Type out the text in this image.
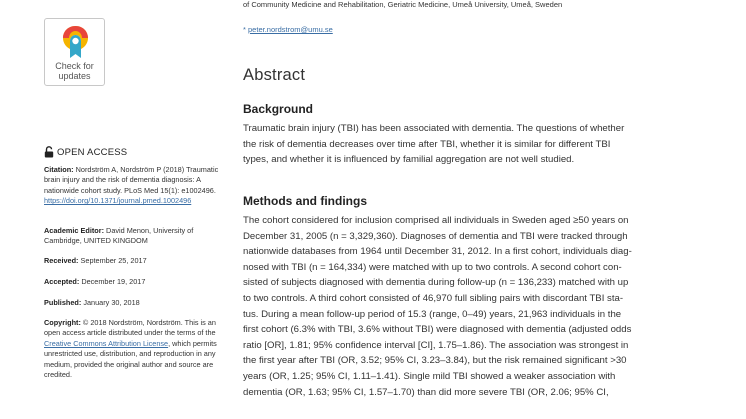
Check for
updates
OPEN ACCESS
Citation: Nordström A, Nordström P (2018) Traumatic brain injury and the risk of dementia diagnosis: A nationwide cohort study. PLoS Med 15(1): e1002496. https://doi.org/10.1371/journal.pmed.1002496
Academic Editor: David Menon, University of Cambridge, UNITED KINGDOM
Received: September 25, 2017
Accepted: December 19, 2017
Published: January 30, 2018
Copyright: © 2018 Nordström, Nordström. This is an open access article distributed under the terms of the Creative Commons Attribution License, which permits unrestricted use, distribution, and reproduction in any medium, provided the original author and source are credited.
of Community Medicine and Rehabilitation, Geriatric Medicine, Umeå University, Umeå, Sweden
* peter.nordstrom@umu.se
Abstract
Background
Traumatic brain injury (TBI) has been associated with dementia. The questions of whether
the risk of dementia decreases over time after TBI, whether it is similar for different TBI
types, and whether it is influenced by familial aggregation are not well studied.
Methods and findings
The cohort considered for inclusion comprised all individuals in Sweden aged ≥50 years on
December 31, 2005 (n = 3,329,360). Diagnoses of dementia and TBI were tracked through
nationwide databases from 1964 until December 31, 2012. In a first cohort, individuals diag-
nosed with TBI (n = 164,334) were matched with up to two controls. A second cohort con-
sisted of subjects diagnosed with dementia during follow-up (n = 136,233) matched with up
to two controls. A third cohort consisted of 46,970 full sibling pairs with discordant TBI sta-
tus. During a mean follow-up period of 15.3 (range, 0–49) years, 21,963 individuals in the
first cohort (6.3% with TBI, 3.6% without TBI) were diagnosed with dementia (adjusted odds
ratio [OR], 1.81; 95% confidence interval [CI], 1.75–1.86). The association was strongest in
the first year after TBI (OR, 3.52; 95% CI, 3.23–3.84), but the risk remained significant >30
years (OR, 1.25; 95% CI, 1.11–1.41). Single mild TBI showed a weaker association with
dementia (OR, 1.63; 95% CI, 1.57–1.70) than did more severe TBI (OR, 2.06; 95% CI,
